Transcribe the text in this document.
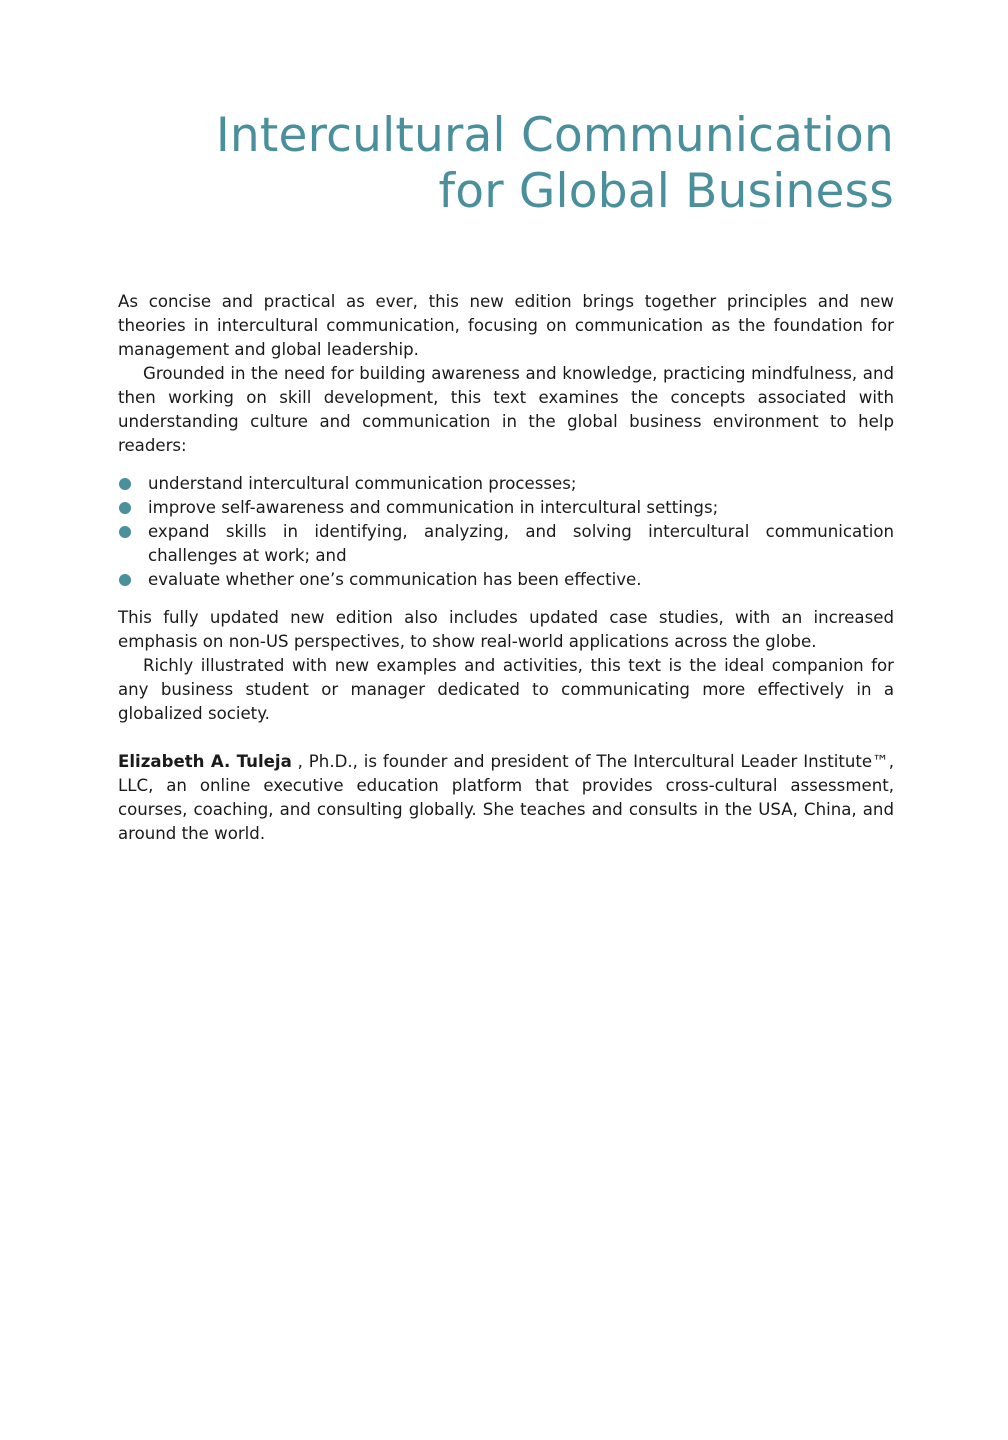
Intercultural Communication
for Global Business

As concise and practical as ever, this new edition brings together principles and new theories in intercultural communication, focusing on communication as the foundation for management and global leadership.

Grounded in the need for building awareness and knowledge, practicing mindfulness, and then working on skill development, this text examines the concepts associated with understanding culture and communication in the global business environment to help readers:

understand intercultural communication processes;
improve self-awareness and communication in intercultural settings;
expand skills in identifying, analyzing, and solving intercultural communication challenges at work; and
evaluate whether one’s communication has been effective.

This fully updated new edition also includes updated case studies, with an increased emphasis on non-US perspectives, to show real-world applications across the globe.

Richly illustrated with new examples and activities, this text is the ideal companion for any business student or manager dedicated to communicating more effectively in a globalized society.

Elizabeth A. Tuleja , Ph.D., is founder and president of The Intercultural Leader Institute™, LLC, an online executive education platform that provides cross-cultural assessment, courses, coaching, and consulting globally. She teaches and consults in the USA, China, and around the world.
